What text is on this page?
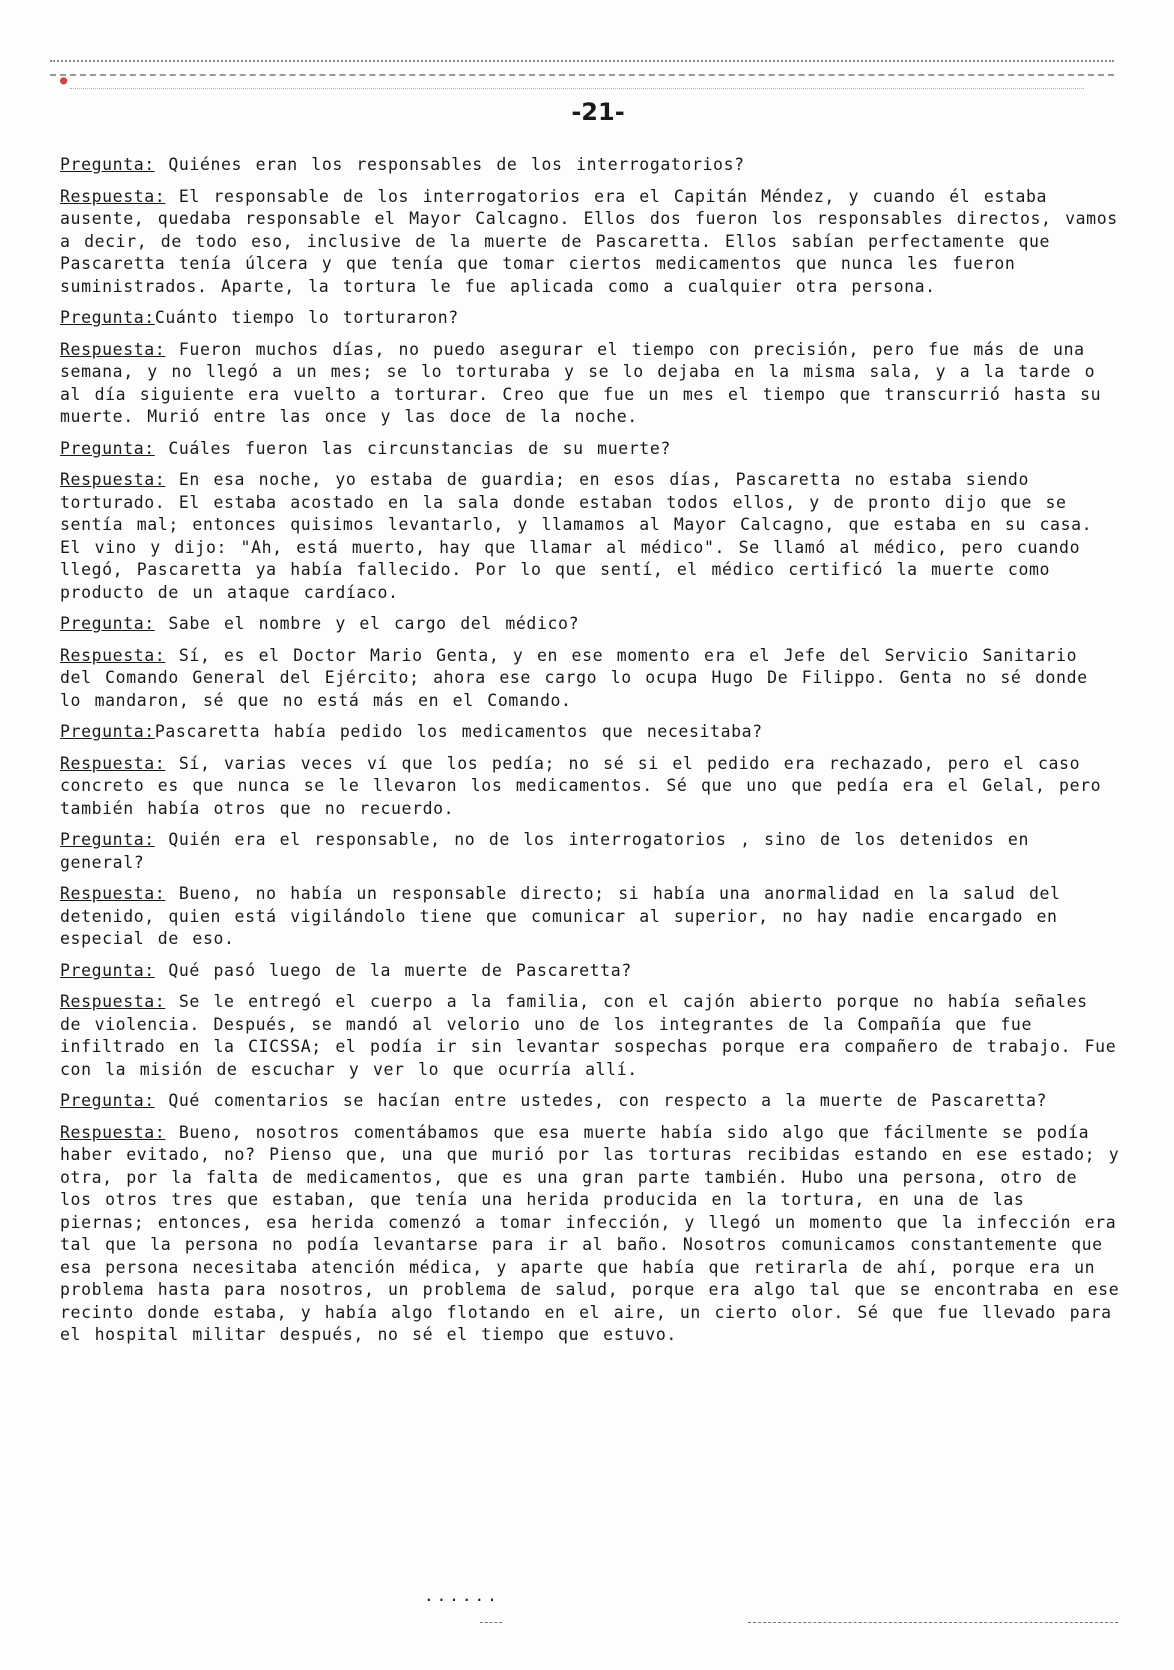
●
-21-

Pregunta: Quiénes eran los responsables de los interrogatorios?

Respuesta: El responsable de los interrogatorios era el Capitán Méndez, y cuando él estaba ausente, quedaba responsable el Mayor Calcagno. Ellos dos fueron los responsables directos, vamos a decir, de todo eso, inclusive de la muerte de Pascaretta. Ellos sabían perfectamente que Pascaretta tenía úlcera y que tenía que tomar ciertos medicamentos que nunca les fueron suministrados. Aparte, la tortura le fue aplicada como a cualquier otra persona.

Pregunta:Cuánto tiempo lo torturaron?

Respuesta: Fueron muchos días, no puedo asegurar el tiempo con precisión, pero fue más de una semana, y no llegó a un mes; se lo torturaba y se lo dejaba en la misma sala, y a la tarde o al día siguiente era vuelto a torturar. Creo que fue un mes el tiempo que transcurrió hasta su muerte. Murió entre las once y las doce de la noche.

Pregunta: Cuáles fueron las circunstancias de su muerte?

Respuesta: En esa noche, yo estaba de guardia; en esos días, Pascaretta no estaba siendo torturado. El estaba acostado en la sala donde estaban todos ellos, y de pronto dijo que se sentía mal; entonces quisimos levantarlo, y llamamos al Mayor Calcagno, que estaba en su casa. El vino y dijo: "Ah, está muerto, hay que llamar al médico". Se llamó al médico, pero cuando llegó, Pascaretta ya había fallecido. Por lo que sentí, el médico certificó la muerte como producto de un ataque cardíaco.

Pregunta: Sabe el nombre y el cargo del médico?

Respuesta: Sí, es el Doctor Mario Genta, y en ese momento era el Jefe del Servicio Sanitario del Comando General del Ejército; ahora ese cargo lo ocupa Hugo De Filippo. Genta no sé donde lo mandaron, sé que no está más en el Comando.

Pregunta:Pascaretta había pedido los medicamentos que necesitaba?

Respuesta: Sí, varias veces ví que los pedía; no sé si el pedido era rechazado, pero el caso concreto es que nunca se le llevaron los medicamentos. Sé que uno que pedía era el Gelal, pero también había otros que no recuerdo.

Pregunta: Quién era el responsable, no de los interrogatorios , sino de los detenidos en general?

Respuesta: Bueno, no había un responsable directo; si había una anormalidad en la salud del detenido, quien está vigilándolo tiene que comunicar al superior, no hay nadie encargado en especial de eso.

Pregunta: Qué pasó luego de la muerte de Pascaretta?

Respuesta: Se le entregó el cuerpo a la familia, con el cajón abierto porque no había señales de violencia. Después, se mandó al velorio uno de los integrantes de la Compañía que fue infiltrado en la CICSSA; el podía ir sin levantar sospechas porque era compañero de trabajo. Fue con la misión de escuchar y ver lo que ocurría allí.

Pregunta: Qué comentarios se hacían entre ustedes, con respecto a la muerte de Pascaretta?

Respuesta: Bueno, nosotros comentábamos que esa muerte había sido algo que fácilmente se podía haber evitado, no? Pienso que, una que murió por las torturas recibidas estando en ese estado; y otra, por la falta de medicamentos, que es una gran parte también. Hubo una persona, otro de los otros tres que estaban, que tenía una herida producida en la tortura, en una de las piernas; entonces, esa herida comenzó a tomar infección, y llegó un momento que la infección era tal que la persona no podía levantarse para ir al baño. Nosotros comunicamos constantemente que esa persona necesitaba atención médica, y aparte que había que retirarla de ahí, porque era un problema hasta para nosotros, un problema de salud, porque era algo tal que se encontraba en ese recinto donde estaba, y había algo flotando en el aire, un cierto olor. Sé que fue llevado para el hospital militar después, no sé el tiempo que estuvo.

......
